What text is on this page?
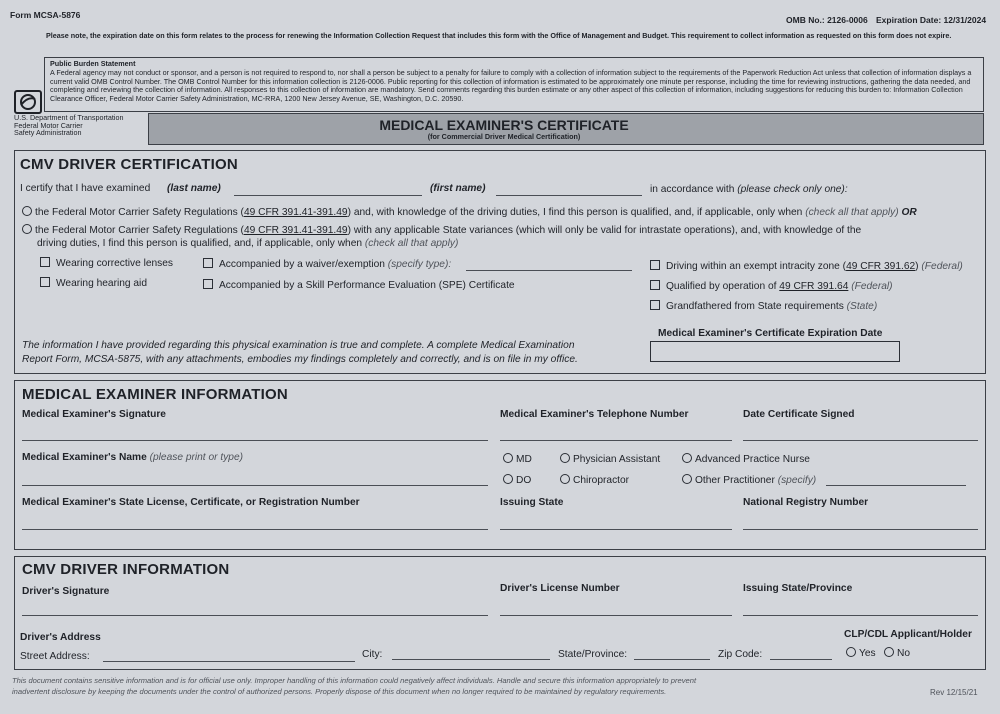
Form MCSA-5876	OMB No.: 2126-0006 Expiration Date: 12/31/2024
Please note, the expiration date on this form relates to the process for renewing the Information Collection Request that includes this form with the Office of Management and Budget. This requirement to collect information as requested on this form does not expire.
Public Burden Statement
A Federal agency may not conduct or sponsor, and a person is not required to respond to, nor shall a person be subject to a penalty for failure to comply with a collection of information subject to the requirements of the Paperwork Reduction Act unless that collection of information displays a current valid OMB Control Number. The OMB Control Number for this information collection is 2126-0006. Public reporting for this collection of information is estimated to be approximately one minute per response, including the time for reviewing instructions, gathering the data needed, and completing and reviewing the collection of information. All responses to this collection of information are mandatory. Send comments regarding this burden estimate or any other aspect of this collection of information, including suggestions for reducing this burden to: Information Collection Clearance Officer, Federal Motor Carrier Safety Administration, MC-RRA, 1200 New Jersey Avenue, SE, Washington, D.C. 20590.
U.S. Department of Transportation
Federal Motor Carrier
Safety Administration	MEDICAL EXAMINER'S CERTIFICATE
(for Commercial Driver Medical Certification)
CMV DRIVER CERTIFICATION
I certify that I have examined (last name)	(first name)	in accordance with (please check only one):
the Federal Motor Carrier Safety Regulations (49 CFR 391.41-391.49) and, with knowledge of the driving duties, I find this person is qualified, and, if applicable, only when (check all that apply) OR
the Federal Motor Carrier Safety Regulations (49 CFR 391.41-391.49) with any applicable State variances (which will only be valid for intrastate operations), and, with knowledge of the
driving duties, I find this person is qualified, and, if applicable, only when (check all that apply)
Wearing corrective lenses
Wearing hearing aid
Accompanied by a waiver/exemption (specify type):
Accompanied by a Skill Performance Evaluation (SPE) Certificate
Driving within an exempt intracity zone (49 CFR 391.62) (Federal)
Qualified by operation of 49 CFR 391.64 (Federal)
Grandfathered from State requirements (State)
The information I have provided regarding this physical examination is true and complete. A complete Medical Examination
Report Form, MCSA-5875, with any attachments, embodies my findings completely and correctly, and is on file in my office.
Medical Examiner's Certificate Expiration Date
MEDICAL EXAMINER INFORMATION
Medical Examiner's Signature	Medical Examiner's Telephone Number	Date Certificate Signed
Medical Examiner's Name (please print or type)	MD
DO
Physician Assistant
Chiropractor
Advanced Practice Nurse
Other Practitioner (specify)
Medical Examiner's State License, Certificate, or Registration Number	Issuing State	National Registry Number
CMV DRIVER INFORMATION
Driver's Signature	Driver's License Number	Issuing State/Province
Driver's Address
Street Address:	City:	State/Province:	Zip Code:
CLP/CDL Applicant/Holder
Yes	No
This document contains sensitive information and is for official use only. Improper handling of this information could negatively affect individuals. Handle and secure this information appropriately to prevent
inadvertent disclosure by keeping the documents under the control of authorized persons. Properly dispose of this document when no longer required to be maintained by regulatory requirements.	Rev 12/15/21
